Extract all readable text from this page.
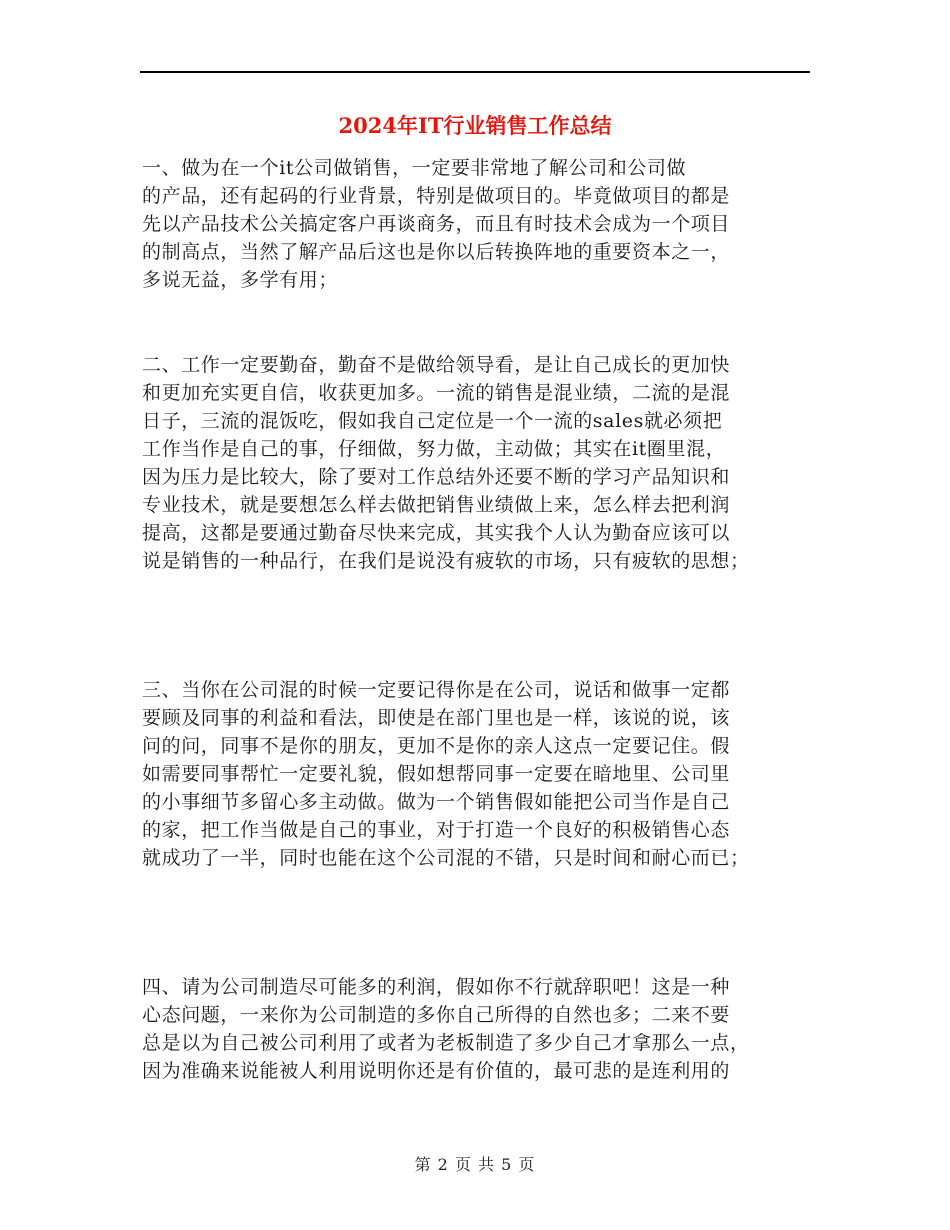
2024年IT行业销售工作总结
一、做为在一个it公司做销售，一定要非常地了解公司和公司做
的产品，还有起码的行业背景，特别是做项目的。毕竟做项目的都是
先以产品技术公关搞定客户再谈商务，而且有时技术会成为一个项目
的制高点，当然了解产品后这也是你以后转换阵地的重要资本之一，
多说无益，多学有用；
二、工作一定要勤奋，勤奋不是做给领导看，是让自己成长的更加快
和更加充实更自信，收获更加多。一流的销售是混业绩，二流的是混
日子，三流的混饭吃，假如我自己定位是一个一流的sales就必须把
工作当作是自己的事，仔细做，努力做，主动做；其实在it圈里混，
因为压力是比较大，除了要对工作总结外还要不断的学习产品知识和
专业技术，就是要想怎么样去做把销售业绩做上来，怎么样去把利润
提高，这都是要通过勤奋尽快来完成，其实我个人认为勤奋应该可以
说是销售的一种品行，在我们是说没有疲软的市场，只有疲软的思想；
三、当你在公司混的时候一定要记得你是在公司，说话和做事一定都
要顾及同事的利益和看法，即使是在部门里也是一样，该说的说，该
问的问，同事不是你的朋友，更加不是你的亲人这点一定要记住。假
如需要同事帮忙一定要礼貌，假如想帮同事一定要在暗地里、公司里
的小事细节多留心多主动做。做为一个销售假如能把公司当作是自己
的家，把工作当做是自己的事业，对于打造一个良好的积极销售心态
就成功了一半，同时也能在这个公司混的不错，只是时间和耐心而已；
四、请为公司制造尽可能多的利润，假如你不行就辞职吧！这是一种
心态问题，一来你为公司制造的多你自己所得的自然也多；二来不要
总是以为自己被公司利用了或者为老板制造了多少自己才拿那么一点，
因为准确来说能被人利用说明你还是有价值的，最可悲的是连利用的
第 2 页 共 5 页
